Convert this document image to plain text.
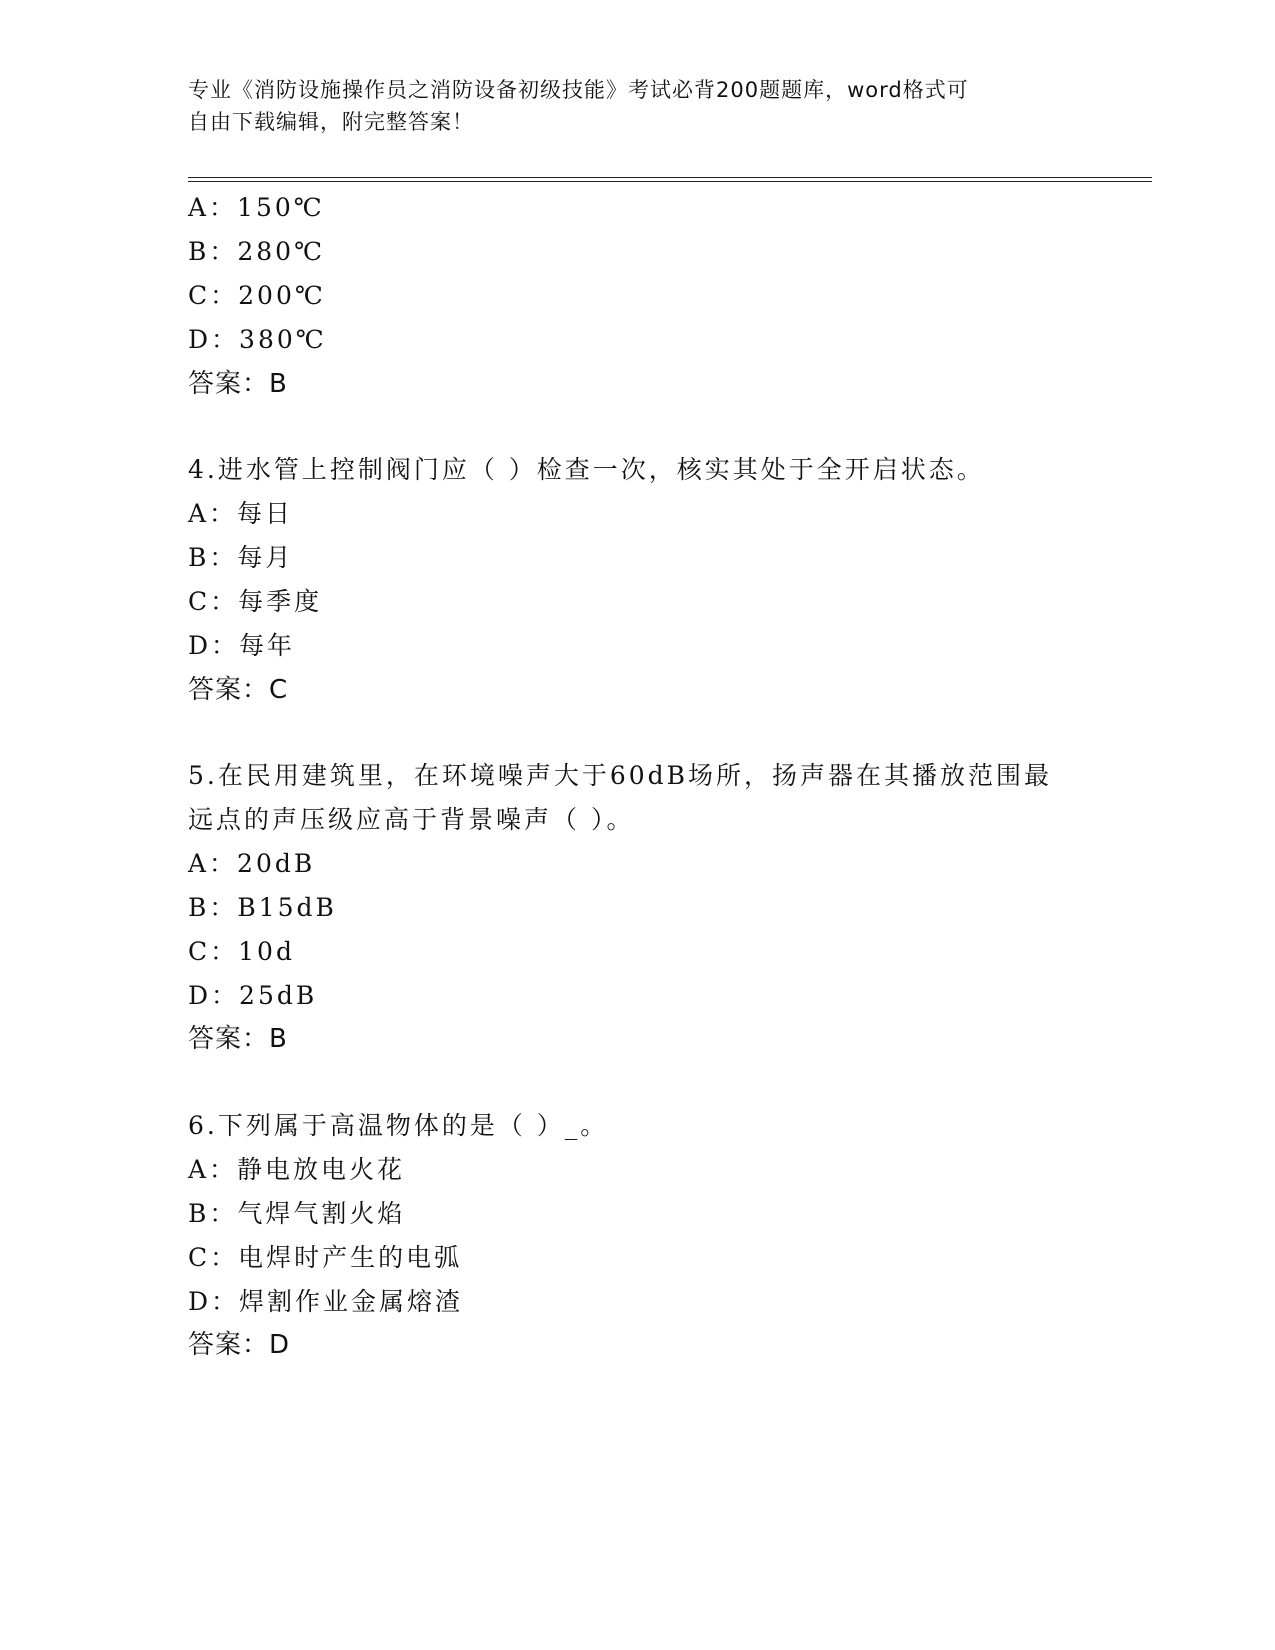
专业《消防设施操作员之消防设备初级技能》考试必背200题题库，word格式可
自由下载编辑，附完整答案！
A：150℃
B：280℃
C：200℃
D：380℃
答案：B
4.进水管上控制阀门应（ ）检查一次，核实其处于全开启状态。
A：每日
B：每月
C：每季度
D：每年
答案：C
5.在民用建筑里，在环境噪声大于60dB场所，扬声器在其播放范围最
远点的声压级应高于背景噪声（ ）。
A：20dB
B：B15dB
C：10d
D：25dB
答案：B
6.下列属于高温物体的是（ ）_。
A：静电放电火花
B：气焊气割火焰
C：电焊时产生的电弧
D：焊割作业金属熔渣
答案：D
